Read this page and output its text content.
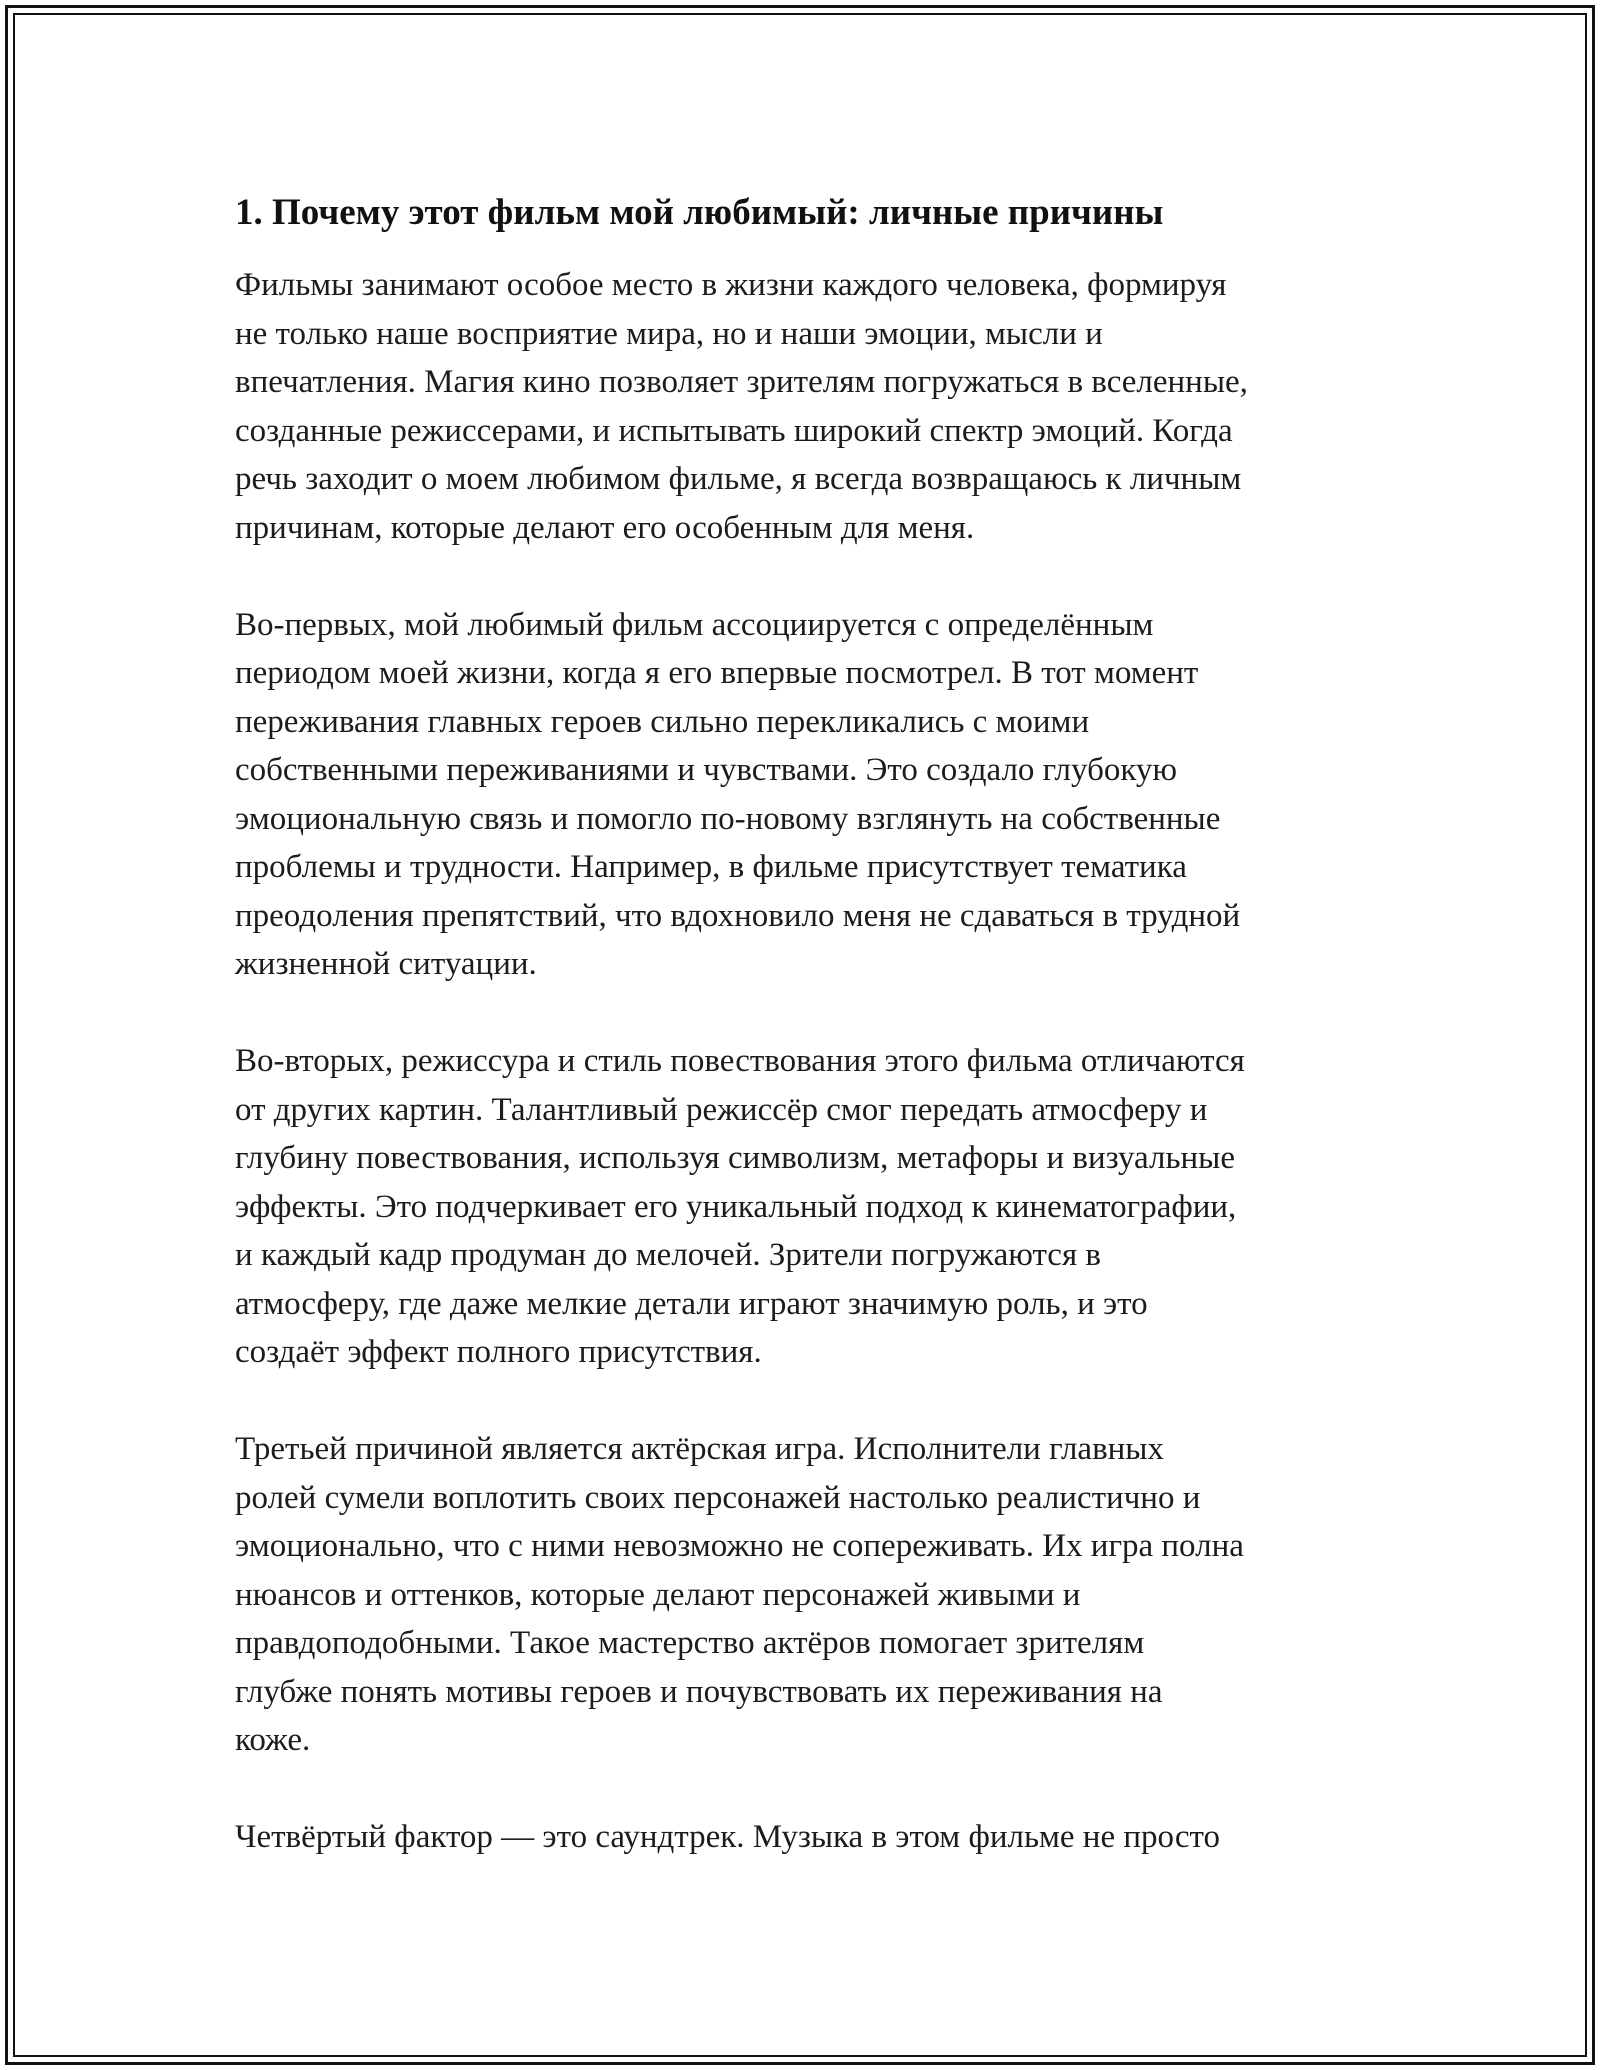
1. Почему этот фильм мой любимый: личные причины

Фильмы занимают особое место в жизни каждого человека, формируя
не только наше восприятие мира, но и наши эмоции, мысли и
впечатления. Магия кино позволяет зрителям погружаться в вселенные,
созданные режиссерами, и испытывать широкий спектр эмоций. Когда
речь заходит о моем любимом фильме, я всегда возвращаюсь к личным
причинам, которые делают его особенным для меня.

Во-первых, мой любимый фильм ассоциируется с определённым
периодом моей жизни, когда я его впервые посмотрел. В тот момент
переживания главных героев сильно перекликались с моими
собственными переживаниями и чувствами. Это создало глубокую
эмоциональную связь и помогло по-новому взглянуть на собственные
проблемы и трудности. Например, в фильме присутствует тематика
преодоления препятствий, что вдохновило меня не сдаваться в трудной
жизненной ситуации.

Во-вторых, режиссура и стиль повествования этого фильма отличаются
от других картин. Талантливый режиссёр смог передать атмосферу и
глубину повествования, используя символизм, метафоры и визуальные
эффекты. Это подчеркивает его уникальный подход к кинематографии,
и каждый кадр продуман до мелочей. Зрители погружаются в
атмосферу, где даже мелкие детали играют значимую роль, и это
создаёт эффект полного присутствия.

Третьей причиной является актёрская игра. Исполнители главных
ролей сумели воплотить своих персонажей настолько реалистично и
эмоционально, что с ними невозможно не сопереживать. Их игра полна
нюансов и оттенков, которые делают персонажей живыми и
правдоподобными. Такое мастерство актёров помогает зрителям
глубже понять мотивы героев и почувствовать их переживания на
коже.

Четвёртый фактор — это саундтрек. Музыка в этом фильме не просто
